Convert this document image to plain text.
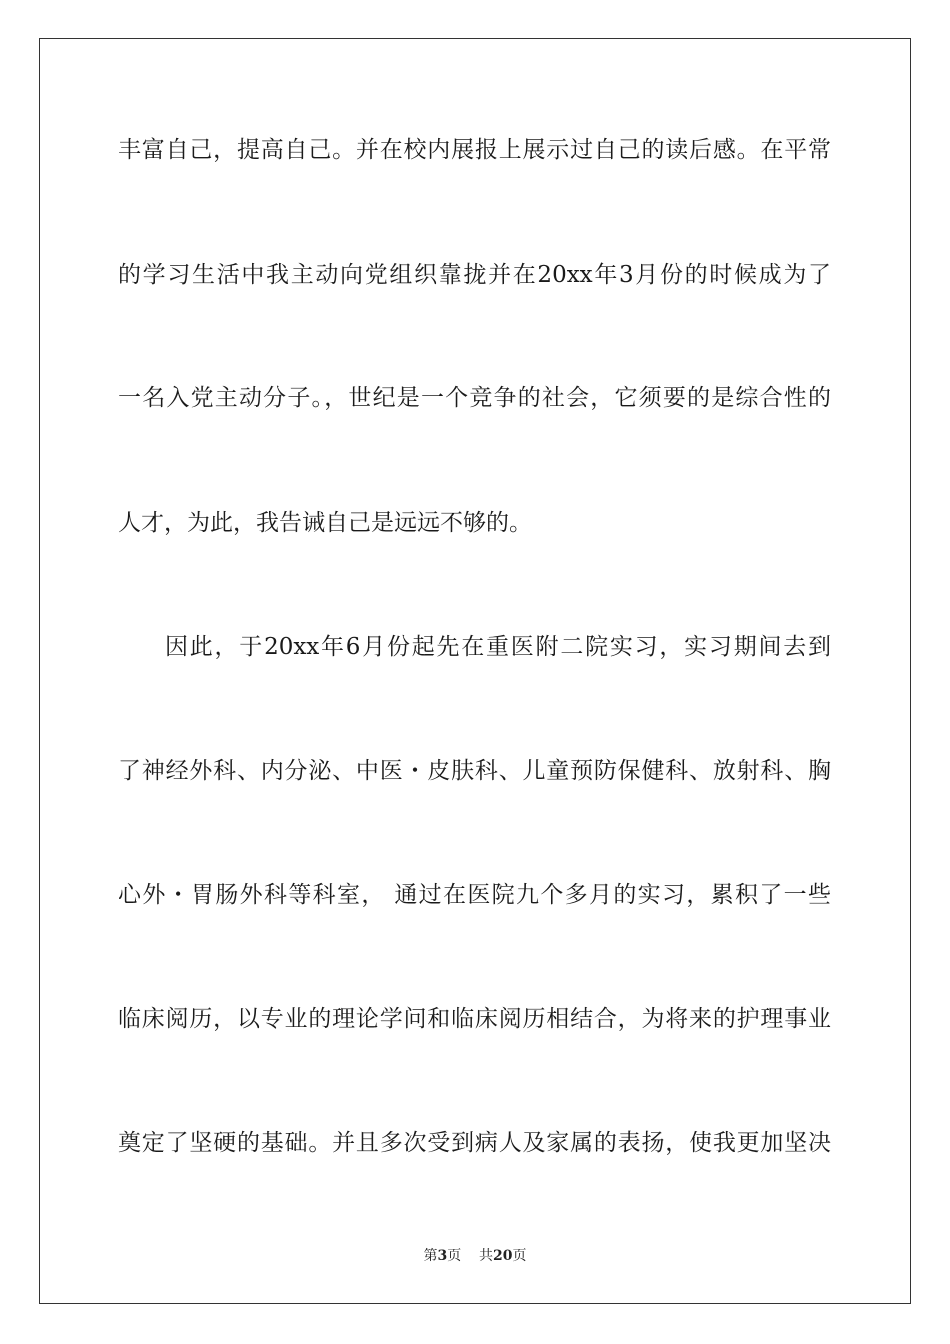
丰富自己，提高自己。并在校内展报上展示过自己的读后感。在平常
的学习生活中我主动向党组织靠拢并在20xx年3月份的时候成为了
一名入党主动分子。，世纪是一个竞争的社会，它须要的是综合性的
人才，为此，我告诫自己是远远不够的。
因此，于20xx年6月份起先在重医附二院实习，实习期间去到
了神经外科、内分泌、中医・皮肤科、儿童预防保健科、放射科、胸
心外・胃肠外科等科室， 通过在医院九个多月的实习，累积了一些
临床阅历，以专业的理论学问和临床阅历相结合，为将来的护理事业
奠定了坚硬的基础。并且多次受到病人及家属的表扬，使我更加坚决
第3页 共20页
